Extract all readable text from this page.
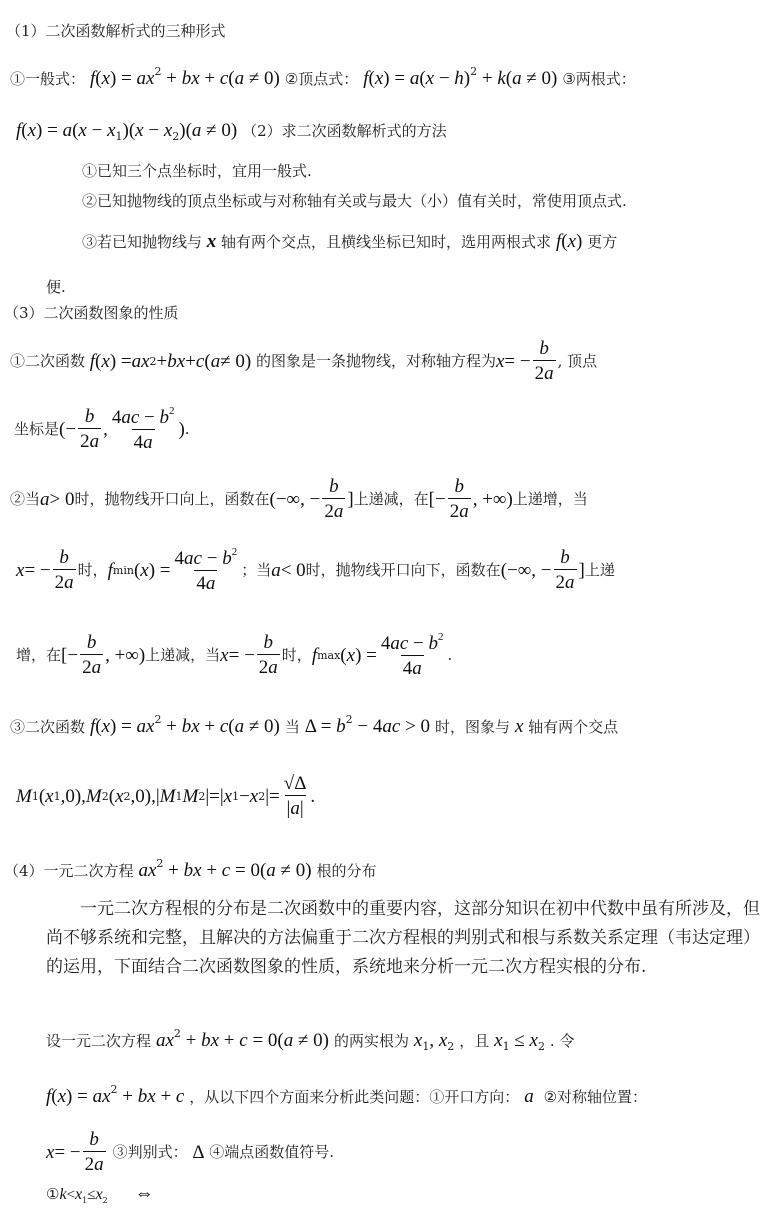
（1）二次函数解析式的三种形式
①一般式： $f(x) = ax^2$ + bx + c(a ≠ 0) ②顶点式： $f(x) = a(x - h)^2 + k(a \ne 0)$ ③两根式：
$f(x) = a(x - x_1)(x - x_2)(a \ne 0)$ （2）求二次函数解析式的方法
①已知三个点坐标时，宜用一般式.
②已知抛物线的顶点坐标或与对称轴有关或与最大（小）值有关时，常使用顶点式.
③若已知抛物线与 x 轴有两个交点，且横线坐标已知时，选用两根式求 f(x) 更方
便.
（3）二次函数图象的性质
①二次函数 f ( x ) = ax 2 + bx + c ( a ≠ 0) 的图象是一条抛物线，对称轴方程为 x = − $\frac{b}{2a}$ , 顶点
坐标是 (− $\frac{b}{2a}$ , $\frac{4ac - b^2}{4a}$ ) .
②当 a > 0 时，抛物线开口向上，函数在 (−∞, − $\frac{b}{2a}$ ] 上递减，在 [− $\frac{b}{2a}$ , +∞) 上递增，当
x = − $\frac{b}{2a}$ 时， f min ( x ) = $\frac{4ac - b^2}{4a}$ ；当 a < 0 时，抛物线开口向下，函数在 (−∞, − $\frac{b}{2a}$ ] 上递
增，在 [− $\frac{b}{2a}$ , +∞) 上递减，当 x = − $\frac{b}{2a}$ 时， f max ( x ) = $\frac{4ac - b^2}{4a}$ .
③二次函数 $f(x) = ax^2$ + bx + c(a ≠ 0) 当 $\Delta = b^2 - 4ac > 0$ 时，图象与 x 轴有两个交点
M 1 ( x 1 ,0), M 2 ( x 2 ,0),| M 1 M 2 |=| x 1 − x 2 |= $\frac{√\Delta}{|a|}$ .
（4）一元二次方程 $ax^2$ + bx + c = 0(a ≠ 0) 根的分布
一元二次方程根的分布是二次函数中的重要内容，这部分知识在初中代数中虽有所涉及，但尚不够系统和完整，且解决的方法偏重于二次方程根的判别式和根与系数关系定理（韦达定理）的运用，下面结合二次函数图象的性质，系统地来分析一元二次方程实根的分布.
设一元二次方程 $ax^2$ + bx + c = 0(a ≠ 0) 的两实根为 $x_1$, $x_2$ ，且 $x_1 \le x_2$ . 令
$f(x) = ax^2$ + bx + c ，从以下四个方面来分析此类问题：①开口方向： a ②对称轴位置：
x = − $\frac{b}{2a}$
③判别式： Δ ④端点函数值符号.
$①k<x_1\le x_2$ ⇔
